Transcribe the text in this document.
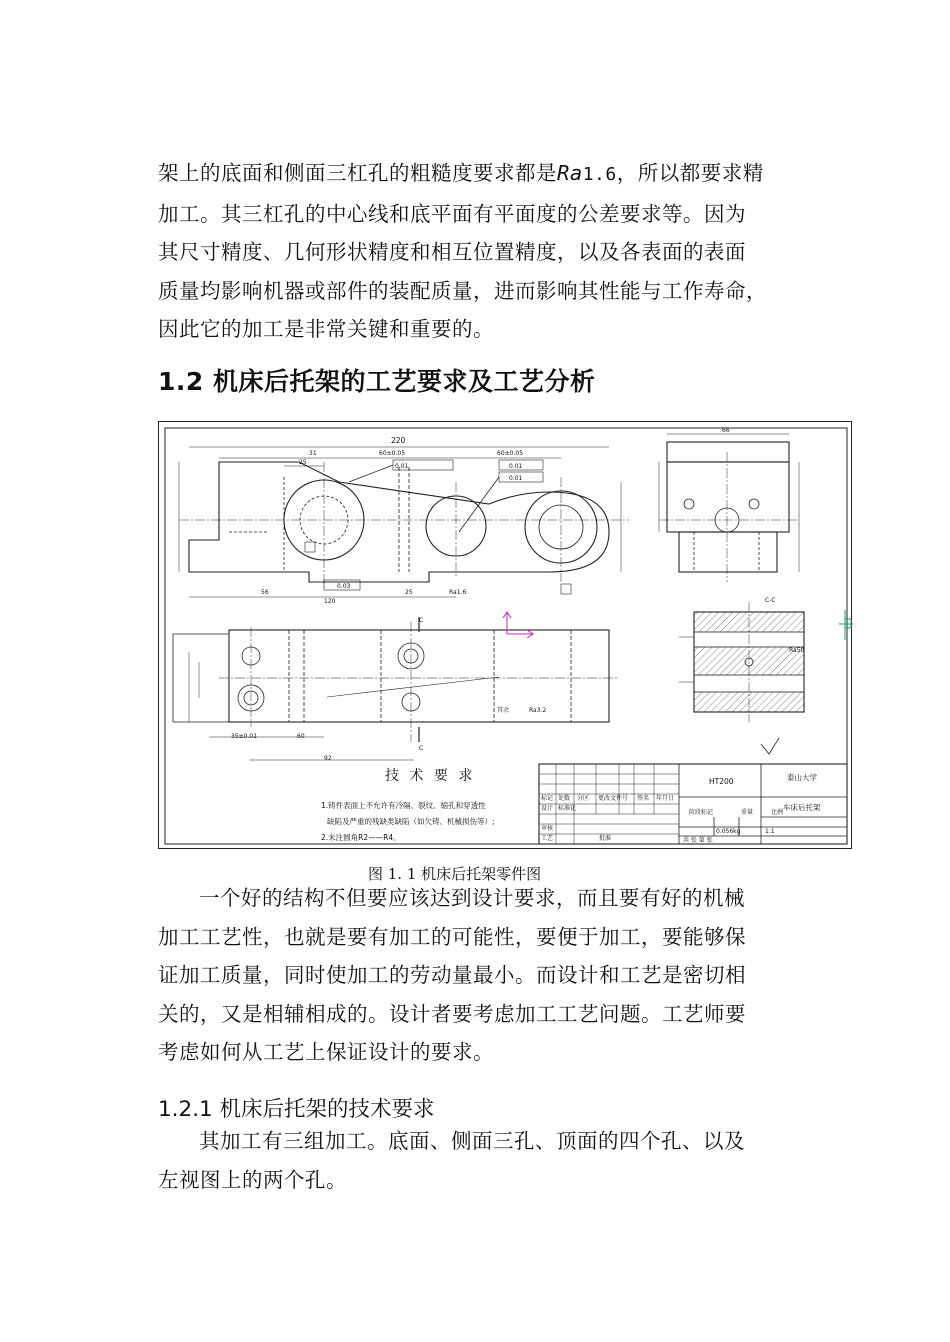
架上的底面和侧面三杠孔的粗糙度要求都是Ra1.6，所以都要求精
加工。其三杠孔的中心线和底平面有平面度的公差要求等。因为
其尺寸精度、几何形状精度和相互位置精度，以及各表面的表面
质量均影响机器或部件的装配质量，进而影响其性能与工作寿命，
因此它的加工是非常关键和重要的。
1.2 机床后托架的工艺要求及工艺分析
220
31
25
60±0.05	60±0.05
56
120
25
0.01	0.01
0.01
0.03
Ra1.6
Ra3.2
Ra50
其余
35±0.01	60
92
66
C
C
C-C
技 术 要 求
1.铸件表面上不允许有冷隔、裂纹、缩孔和穿透性
缺陷及严重的残缺类缺陷（如欠铸、机械损伤等）;
2.未注圆角R2——R4。
HT200	泰山大学
车床后托架
标记 处数 分区 更改文件号 签名 年月日
设计 标准化
审核
工艺	批准
阶段标记	重量	比例
0.056kg	1:1
共 张 第 张
图 1. 1 机床后托架零件图
一个好的结构不但要应该达到设计要求，而且要有好的机械
加工工艺性，也就是要有加工的可能性，要便于加工，要能够保
证加工质量，同时使加工的劳动量最小。而设计和工艺是密切相
关的，又是相辅相成的。设计者要考虑加工工艺问题。工艺师要
考虑如何从工艺上保证设计的要求。
1.2.1 机床后托架的技术要求
其加工有三组加工。底面、侧面三孔、顶面的四个孔、以及
左视图上的两个孔。
